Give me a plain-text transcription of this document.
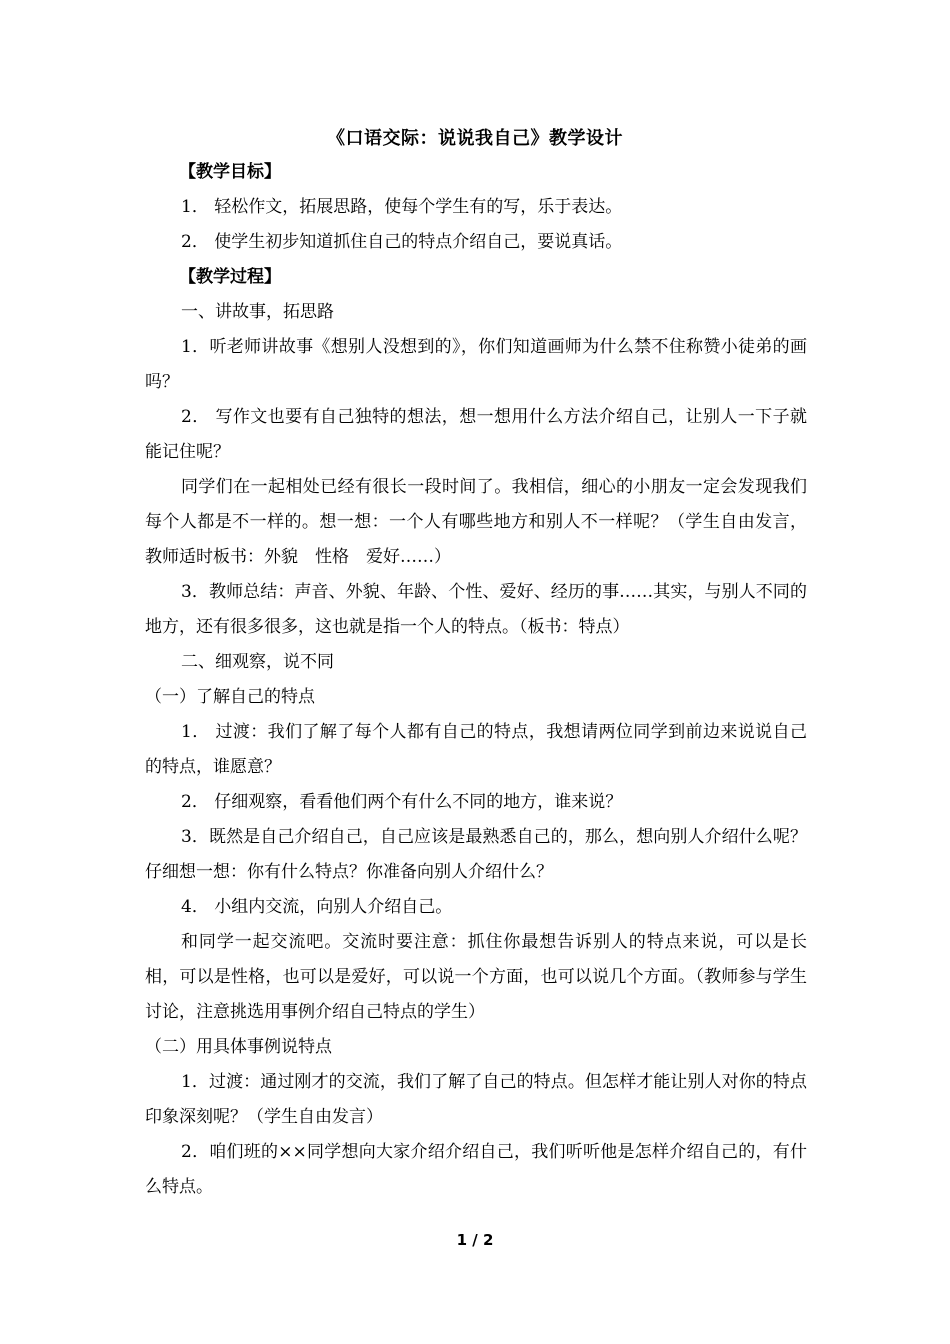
《口语交际：说说我自己》教学设计

【教学目标】

1． 轻松作文，拓展思路，使每个学生有的写，乐于表达。

2． 使学生初步知道抓住自己的特点介绍自己，要说真话。

【教学过程】

一、讲故事，拓思路

1．听老师讲故事《想别人没想到的》，你们知道画师为什么禁不住称赞小徒弟的画吗？

2． 写作文也要有自己独特的想法，想一想用什么方法介绍自己，让别人一下子就能记住呢？

同学们在一起相处已经有很长一段时间了。我相信，细心的小朋友一定会发现我们每个人都是不一样的。想一想：一个人有哪些地方和别人不一样呢？（学生自由发言，教师适时板书：外貌　性格　爱好……）

3．教师总结：声音、外貌、年龄、个性、爱好、经历的事……其实，与别人不同的地方，还有很多很多，这也就是指一个人的特点。（板书：特点）

二、细观察，说不同

（一）了解自己的特点

1． 过渡：我们了解了每个人都有自己的特点，我想请两位同学到前边来说说自己的特点，谁愿意？

2． 仔细观察，看看他们两个有什么不同的地方，谁来说？

3．既然是自己介绍自己，自己应该是最熟悉自己的，那么，想向别人介绍什么呢？仔细想一想：你有什么特点？你准备向别人介绍什么？

4． 小组内交流，向别人介绍自己。

和同学一起交流吧。交流时要注意：抓住你最想告诉别人的特点来说，可以是长相，可以是性格，也可以是爱好，可以说一个方面，也可以说几个方面。（教师参与学生讨论，注意挑选用事例介绍自己特点的学生）

（二）用具体事例说特点

1．过渡：通过刚才的交流，我们了解了自己的特点。但怎样才能让别人对你的特点印象深刻呢？（学生自由发言）

2．咱们班的××同学想向大家介绍介绍自己，我们听听他是怎样介绍自己的，有什么特点。

1 / 2
